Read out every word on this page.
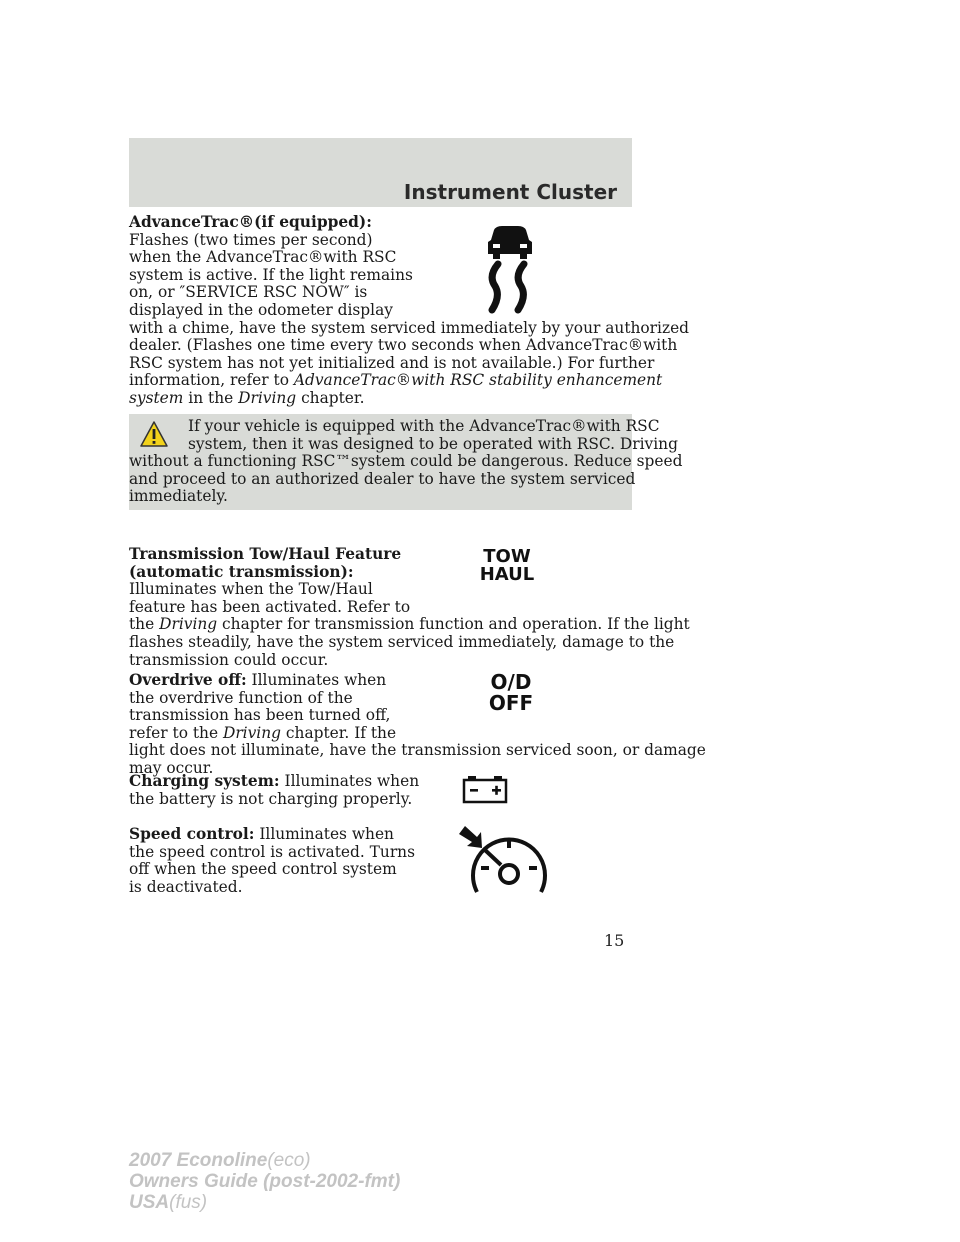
Instrument Cluster

AdvanceTrac®(if equipped):
Flashes (two times per second)
when the AdvanceTrac®with RSC
system is active. If the light remains
on, or ″SERVICE RSC NOW″ is
displayed in the odometer display
with a chime, have the system serviced immediately by your authorized
dealer. (Flashes one time every two seconds when AdvanceTrac®with
RSC system has not yet initialized and is not available.) For further
information, refer to AdvanceTrac®with RSC stability enhancement
system in the Driving chapter.

If your vehicle is equipped with the AdvanceTrac®with RSC
system, then it was designed to be operated with RSC. Driving
without a functioning RSC™system could be dangerous. Reduce speed
and proceed to an authorized dealer to have the system serviced
immediately.

Transmission Tow/Haul Feature
(automatic transmission):
Illuminates when the Tow/Haul
feature has been activated. Refer to
the Driving chapter for transmission function and operation. If the light
flashes steadily, have the system serviced immediately, damage to the
transmission could occur.

TOW
HAUL

Overdrive off: Illuminates when
the overdrive function of the
transmission has been turned off,
refer to the Driving chapter. If the
light does not illuminate, have the transmission serviced soon, or damage
may occur.

O/D
OFF

Charging system: Illuminates when
the battery is not charging properly.

Speed control: Illuminates when
the speed control is activated. Turns
off when the speed control system
is deactivated.

15
2007 Econoline(eco)
Owners Guide (post-2002-fmt)
USA(fus)
